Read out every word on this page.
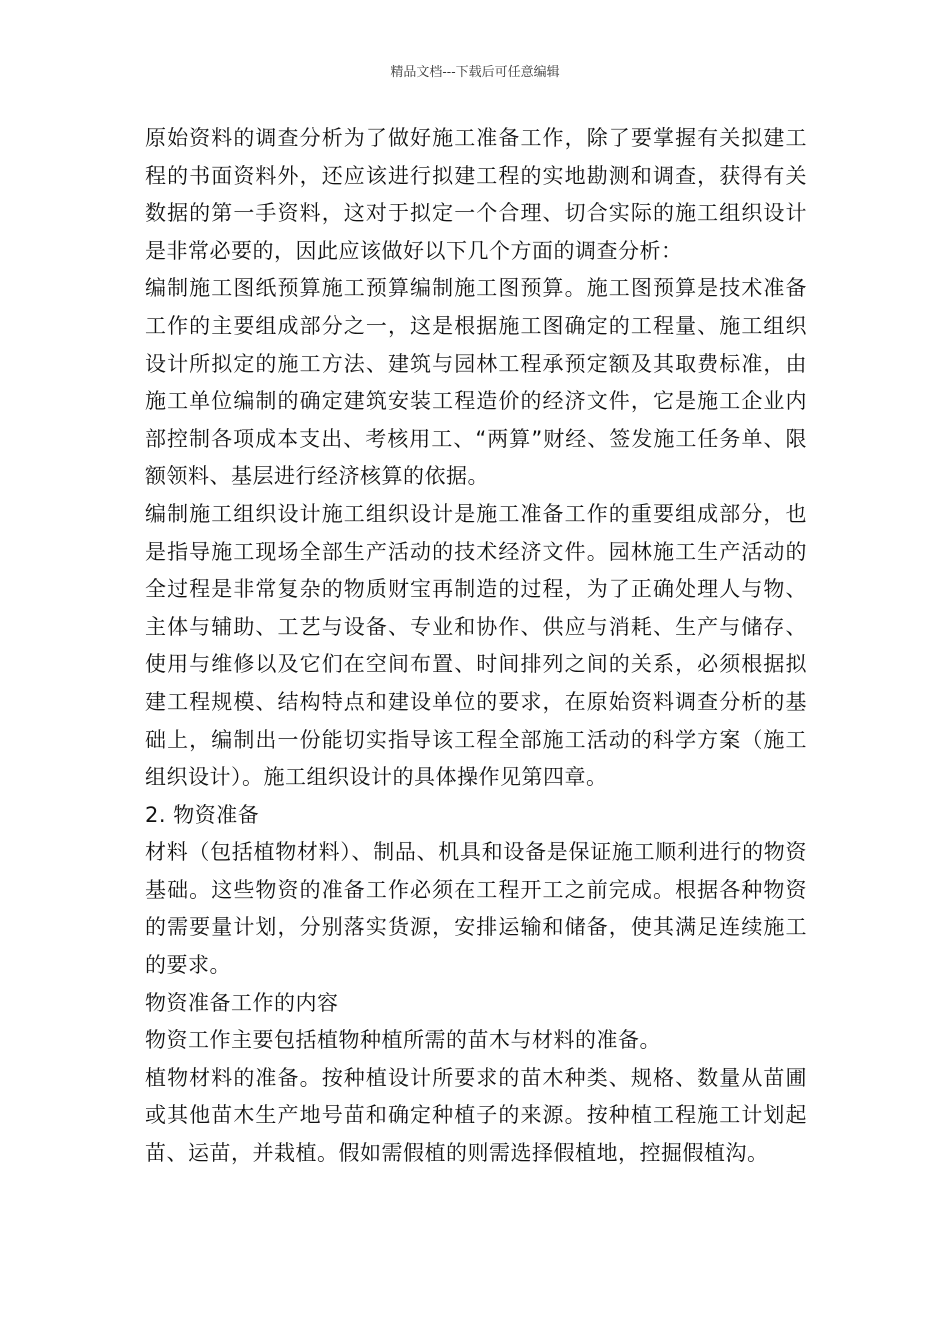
精品文档---下载后可任意编辑

原始资料的调查分析为了做好施工准备工作，除了要掌握有关拟建工程的书面资料外，还应该进行拟建工程的实地勘测和调查，获得有关数据的第一手资料，这对于拟定一个合理、切合实际的施工组织设计是非常必要的，因此应该做好以下几个方面的调查分析：

编制施工图纸预算施工预算编制施工图预算。施工图预算是技术准备工作的主要组成部分之一，这是根据施工图确定的工程量、施工组织设计所拟定的施工方法、建筑与园林工程承预定额及其取费标准，由施工单位编制的确定建筑安装工程造价的经济文件，它是施工企业内部控制各项成本支出、考核用工、“两算”财经、签发施工任务单、限额领料、基层进行经济核算的依据。

编制施工组织设计施工组织设计是施工准备工作的重要组成部分，也是指导施工现场全部生产活动的技术经济文件。园林施工生产活动的全过程是非常复杂的物质财宝再制造的过程，为了正确处理人与物、主体与辅助、工艺与设备、专业和协作、供应与消耗、生产与储存、使用与维修以及它们在空间布置、时间排列之间的关系，必须根据拟建工程规模、结构特点和建设单位的要求，在原始资料调查分析的基础上，编制出一份能切实指导该工程全部施工活动的科学方案（施工组织设计）。施工组织设计的具体操作见第四章。

2. 物资准备

材料（包括植物材料）、制品、机具和设备是保证施工顺利进行的物资基础。这些物资的准备工作必须在工程开工之前完成。根据各种物资的需要量计划，分别落实货源，安排运输和储备，使其满足连续施工的要求。

物资准备工作的内容

物资工作主要包括植物种植所需的苗木与材料的准备。

植物材料的准备。按种植设计所要求的苗木种类、规格、数量从苗圃或其他苗木生产地号苗和确定种植子的来源。按种植工程施工计划起苗、运苗，并栽植。假如需假植的则需选择假植地，控掘假植沟。
